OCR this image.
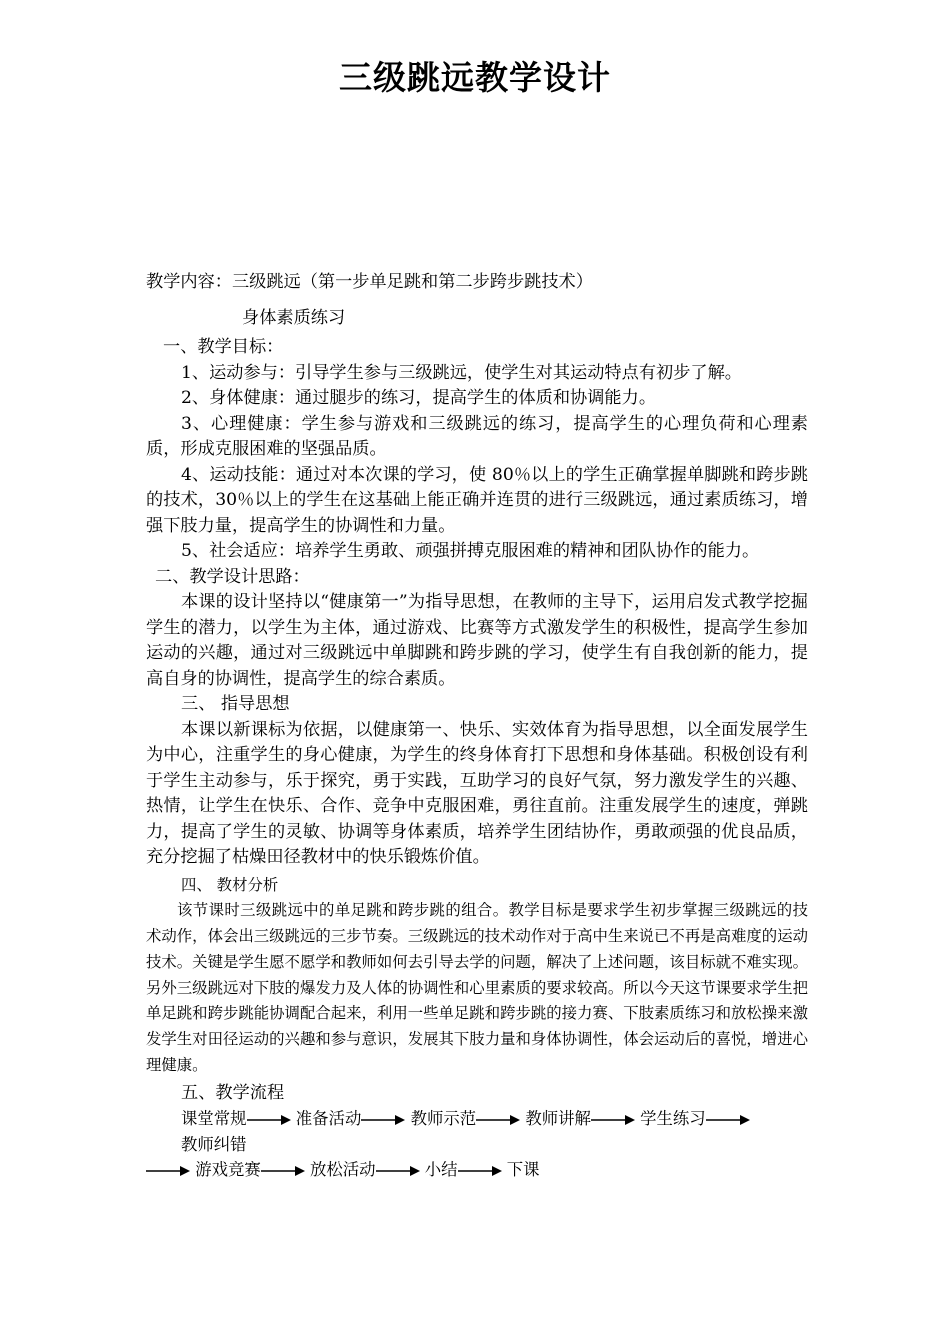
三级跳远教学设计

教学内容：三级跳远（第一步单足跳和第二步跨步跳技术）

身体素质练习

一、教学目标：

1、运动参与：引导学生参与三级跳远，使学生对其运动特点有初步了解。

2、身体健康：通过腿步的练习，提高学生的体质和协调能力。

3、心理健康：学生参与游戏和三级跳远的练习，提高学生的心理负荷和心理素质，形成克服困难的坚强品质。

4、运动技能：通过对本次课的学习，使 80％以上的学生正确掌握单脚跳和跨步跳的技术，30％以上的学生在这基础上能正确并连贯的进行三级跳远，通过素质练习，增强下肢力量，提高学生的协调性和力量。

5、社会适应：培养学生勇敢、顽强拼搏克服困难的精神和团队协作的能力。

二、教学设计思路：

本课的设计坚持以“健康第一”为指导思想，在教师的主导下，运用启发式教学挖掘学生的潜力，以学生为主体，通过游戏、比赛等方式激发学生的积极性，提高学生参加运动的兴趣，通过对三级跳远中单脚跳和跨步跳的学习，使学生有自我创新的能力，提高自身的协调性，提高学生的综合素质。

三、 指导思想

本课以新课标为依据，以健康第一、快乐、实效体育为指导思想，以全面发展学生为中心，注重学生的身心健康，为学生的终身体育打下思想和身体基础。积极创设有利于学生主动参与，乐于探究，勇于实践，互助学习的良好气氛，努力激发学生的兴趣、热情，让学生在快乐、合作、竞争中克服困难，勇往直前。注重发展学生的速度，弹跳力，提高了学生的灵敏、协调等身体素质，培养学生团结协作，勇敢顽强的优良品质，充分挖掘了枯燥田径教材中的快乐锻炼价值。

四、 教材分析

该节课时三级跳远中的单足跳和跨步跳的组合。教学目标是要求学生初步掌握三级跳远的技术动作，体会出三级跳远的三步节奏。三级跳远的技术动作对于高中生来说已不再是高难度的运动技术。关键是学生愿不愿学和教师如何去引导去学的问题，解决了上述问题，该目标就不难实现。另外三级跳远对下肢的爆发力及人体的协调性和心里素质的要求较高。所以今天这节课要求学生把单足跳和跨步跳能协调配合起来，利用一些单足跳和跨步跳的接力赛、下肢素质练习和放松操来激发学生对田径运动的兴趣和参与意识，发展其下肢力量和身体协调性，体会运动后的喜悦，增进心理健康。

五、教学流程

课堂常规	准备活动	教师示范	教师讲解	学生练习
教师纠错
游戏竞赛	放松活动	小结	下课
